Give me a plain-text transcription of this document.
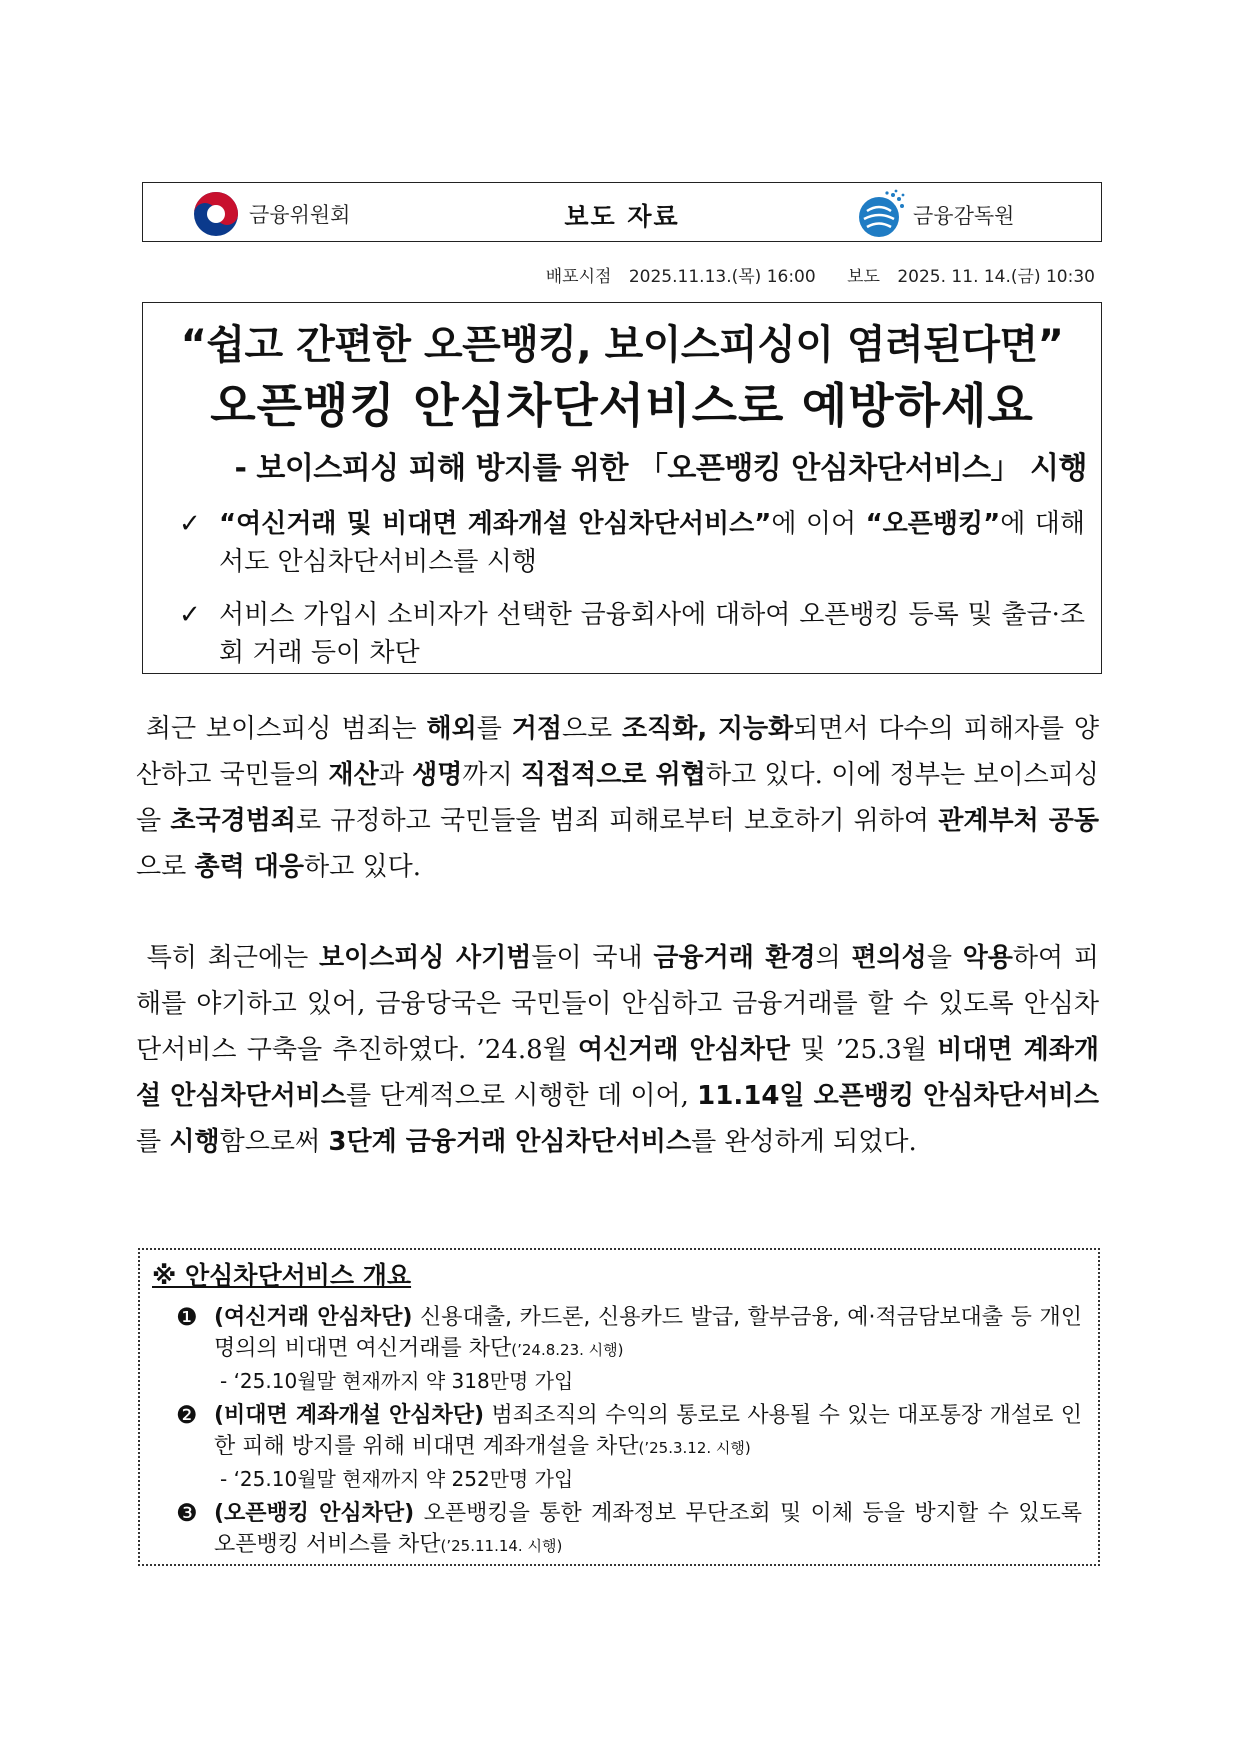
금융위원회	보도 자료	금융감독원
배포시점 2025.11.13.(목) 16:00 보도 2025. 11. 14.(금) 10:30
“쉽고 간편한 오픈뱅킹, 보이스피싱이 염려된다면”
오픈뱅킹 안심차단서비스로 예방하세요
- 보이스피싱 피해 방지를 위한 「오픈뱅킹 안심차단서비스」 시행
✓ “여신거래 및 비대면 계좌개설 안심차단서비스”에 이어 “오픈뱅킹”에 대해서도 안심차단서비스를 시행
✓ 서비스 가입시 소비자가 선택한 금융회사에 대하여 오픈뱅킹 등록 및 출금·조회 거래 등이 차단
최근 보이스피싱 범죄는 해외를 거점으로 조직화, 지능화되면서 다수의 피해자를 양산하고 국민들의 재산과 생명까지 직접적으로 위협하고 있다. 이에 정부는 보이스피싱을 초국경범죄로 규정하고 국민들을 범죄 피해로부터 보호하기 위하여 관계부처 공동으로 총력 대응하고 있다.
특히 최근에는 보이스피싱 사기범들이 국내 금융거래 환경의 편의성을 악용하여 피해를 야기하고 있어, 금융당국은 국민들이 안심하고 금융거래를 할 수 있도록 안심차단서비스 구축을 추진하였다. ’24.8월 여신거래 안심차단 및 ’25.3월 비대면 계좌개설 안심차단서비스를 단계적으로 시행한 데 이어, 11.14일 오픈뱅킹 안심차단서비스를 시행함으로써 3단계 금융거래 안심차단서비스를 완성하게 되었다.
※ 안심차단서비스 개요
❶ (여신거래 안심차단) 신용대출, 카드론, 신용카드 발급, 할부금융, 예·적금담보대출 등 개인 명의의 비대면 여신거래를 차단(’24.8.23. 시행)
- ‘25.10월말 현재까지 약 318만명 가입
❷ (비대면 계좌개설 안심차단) 범죄조직의 수익의 통로로 사용될 수 있는 대포통장 개설로 인한 피해 방지를 위해 비대면 계좌개설을 차단(’25.3.12. 시행)
- ‘25.10월말 현재까지 약 252만명 가입
❸ (오픈뱅킹 안심차단) 오픈뱅킹을 통한 계좌정보 무단조회 및 이체 등을 방지할 수 있도록 오픈뱅킹 서비스를 차단(’25.11.14. 시행)
